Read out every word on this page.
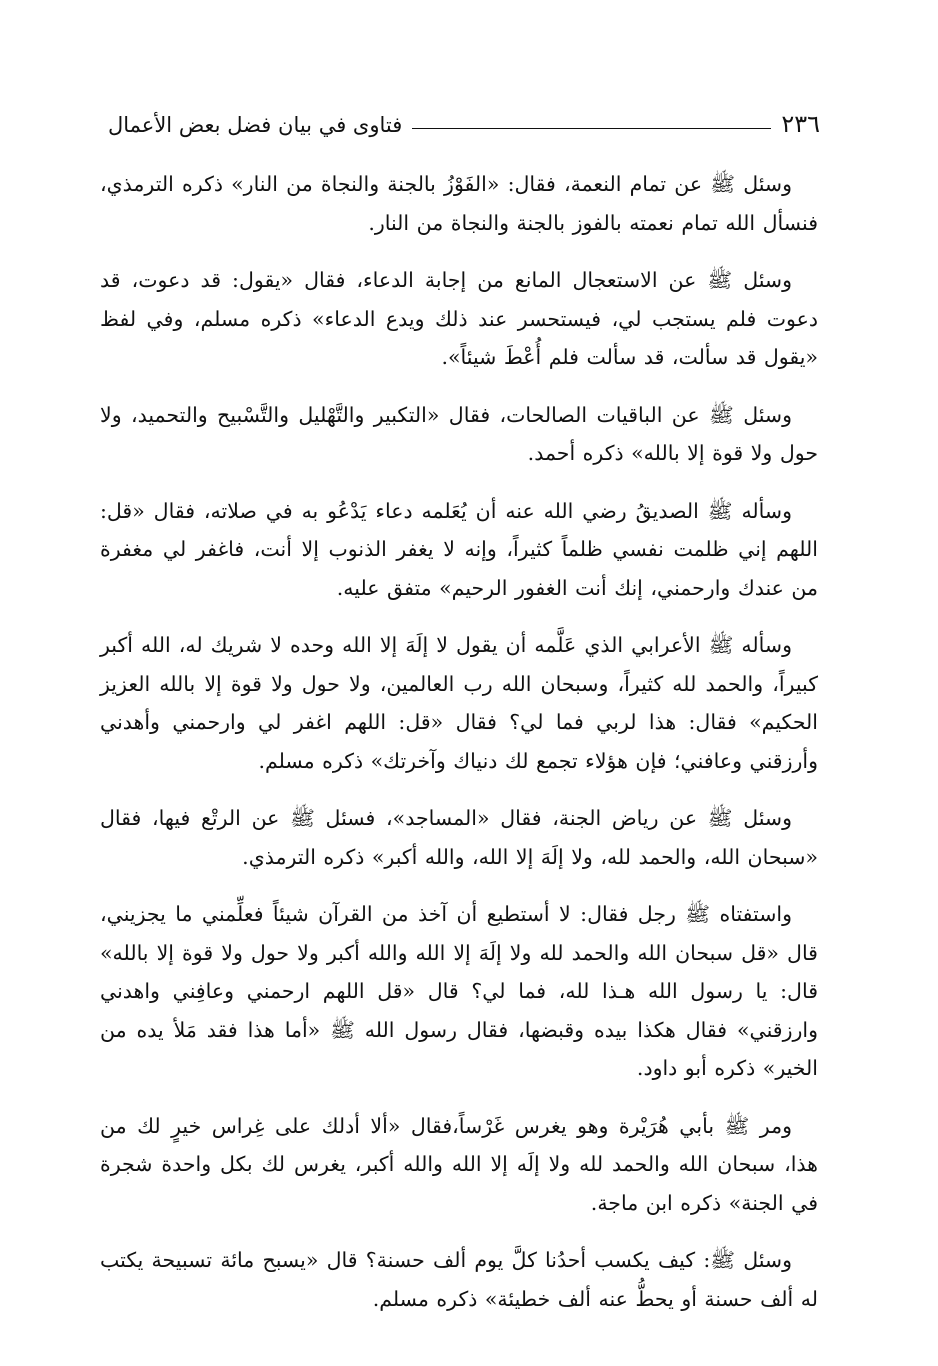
٢٣٦
فتاوى في بيان فضل بعض الأعمال

وسئل ﷺ عن تمام النعمة، فقال: «الفَوْزُ بالجنة والنجاة من النار» ذكره الترمذي، فنسأل الله تمام نعمته بالفوز بالجنة والنجاة من النار.

وسئل ﷺ عن الاستعجال المانع من إجابة الدعاء، فقال «يقول: قد دعوت، قد دعوت فلم يستجب لي، فيستحسر عند ذلك ويدع الدعاء» ذكره مسلم، وفي لفظ «يقول قد سألت، قد سألت فلم أُعْطَ شيئاً».

وسئل ﷺ عن الباقيات الصالحات، فقال «التكبير والتَّهْليل والتَّسْبيح والتحميد، ولا حول ولا قوة إلا بالله» ذكره أحمد.

وسأله ﷺ الصديقُ رضي الله عنه أن يُعَلمه دعاء يَدْعُو به في صلاته، فقال «قل: اللهم إني ظلمت نفسي ظلماً كثيراً، وإنه لا يغفر الذنوب إلا أنت، فاغفر لي مغفرة من عندك وارحمني، إنك أنت الغفور الرحيم» متفق عليه.

وسأله ﷺ الأعرابي الذي عَلَّمه أن يقول لا إلَهَ إلا الله وحده لا شريك له، الله أكبر كبيراً، والحمد لله كثيراً، وسبحان الله رب العالمين، ولا حول ولا قوة إلا بالله العزيز الحكيم» فقال: هذا لربي فما لي؟ فقال «قل: اللهم اغفر لي وارحمني وأهدني وأرزقني وعافني؛ فإن هؤلاء تجمع لك دنياك وآخرتك» ذكره مسلم.

وسئل ﷺ عن رياض الجنة، فقال «المساجد»، فسئل ﷺ عن الرتْع فيها، فقال «سبحان الله، والحمد لله، ولا إلَهَ إلا الله، والله أكبر» ذكره الترمذي.

واستفتاه ﷺ رجل فقال: لا أستطيع أن آخذ من القرآن شيئاً فعلِّمني ما يجزيني، قال «قل سبحان الله والحمد لله ولا إلَهَ إلا الله والله أكبر ولا حول ولا قوة إلا بالله» قال: يا رسول الله هـذا لله، فما لي؟ قال «قل اللهم ارحمني وعافِني واهدني وارزقني» فقال هكذا بيده وقبضها، فقال رسول الله ﷺ «أما هذا فقد مَلأ يده من الخير» ذكره أبو داود.

ومر ﷺ بأبي هُرَيْرة وهو يغرس غَرْساً،فقال «ألا أدلك على غِراس خيرٍ لك من هذا، سبحان الله والحمد لله ولا إلَه إلا الله والله أكبر، يغرس لك بكل واحدة شجرة في الجنة» ذكره ابن ماجة.

وسئل ﷺ: كيف يكسب أحدُنا كلَّ يوم ألف حسنة؟ قال «يسبح مائة تسبيحة يكتب له ألف حسنة أو يحطُّ عنه ألف خطيئة» ذكره مسلم.
